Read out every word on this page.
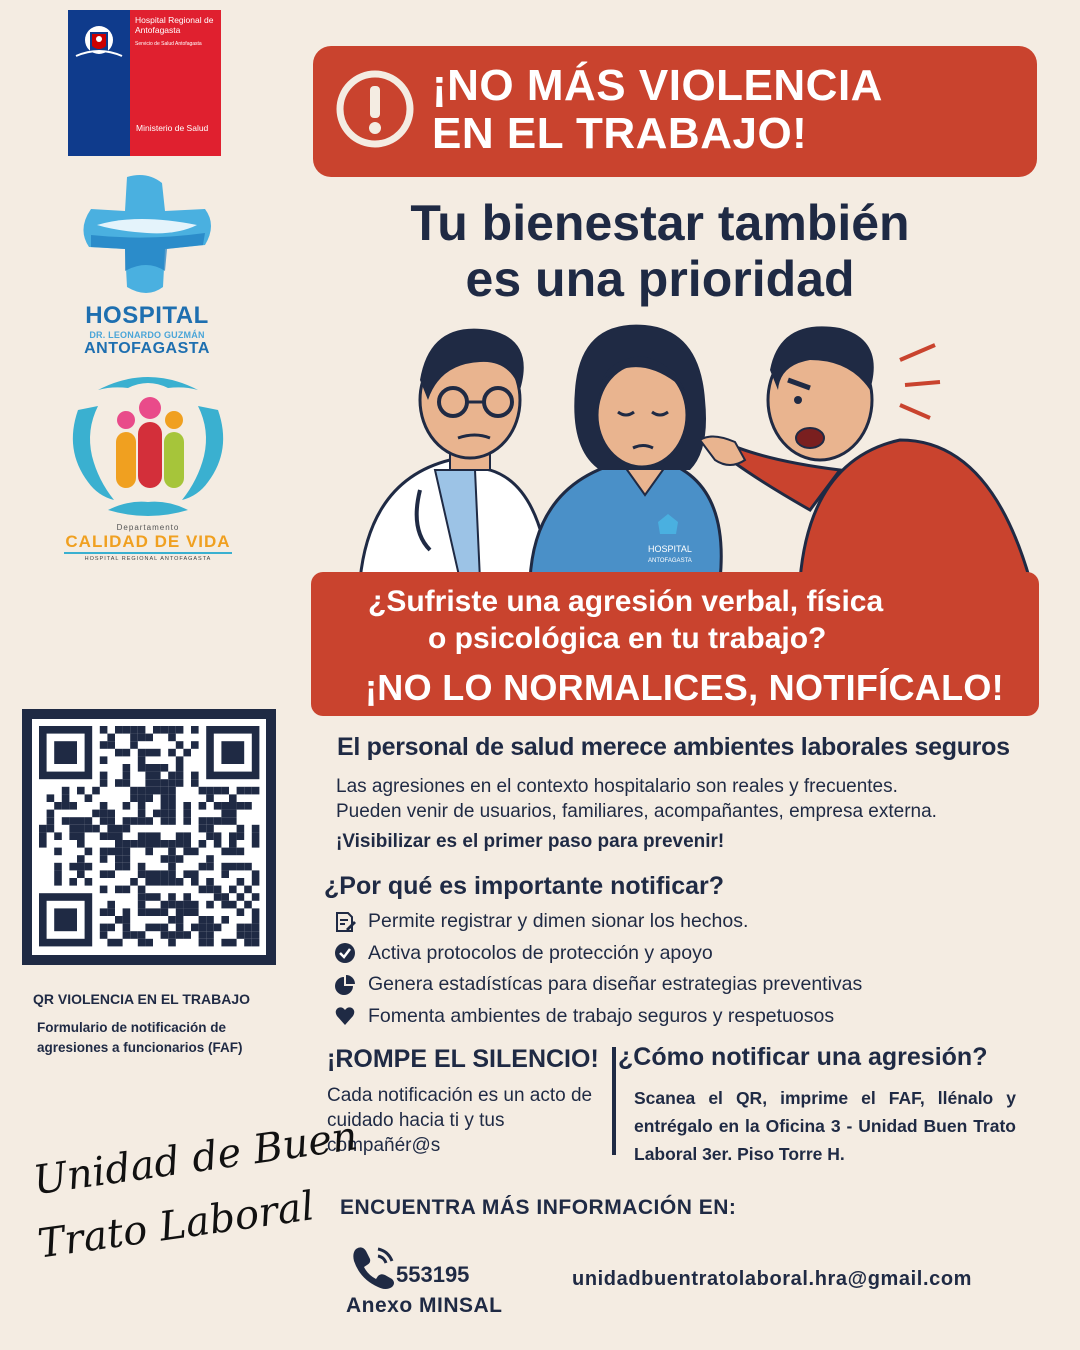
Hospital Regional de Antofagasta
Servicio de Salud Antofagasta
Ministerio de Salud
HOSPITAL
DR. LEONARDO GUZMÁN
ANTOFAGASTA
Departamento
CALIDAD DE VIDA
HOSPITAL REGIONAL ANTOFAGASTA
¡NO MÁS VIOLENCIA
EN EL TRABAJO!
Tu bienestar también
es una prioridad
HOSPITAL
ANTOFAGASTA
¿Sufriste una agresión verbal, física
o psicológica en tu trabajo?
¡NO LO NORMALICES, NOTIFÍCALO!
QR VIOLENCIA EN EL TRABAJO
Formulario de notificación de agresiones a funcionarios (FAF)
El personal de salud merece ambientes laborales seguros
Las agresiones en el contexto hospitalario son reales y frecuentes.
Pueden venir de usuarios, familiares, acompañantes, empresa externa.
¡Visibilizar es el primer paso para prevenir!
¿Por qué es importante notificar?
Permite registrar y dimen sionar los hechos.
Activa protocolos de protección y apoyo
Genera estadístícas para diseñar estrategias preventivas
Fomenta ambientes de trabajo seguros y respetuosos
¡ROMPE EL SILENCIO!
Cada notificación es un acto de cuidado hacia ti y tus compañér@s
¿Cómo notificar una agresión?
Scanea el QR, imprime el FAF, llénalo y entrégalo en la Oficina 3 - Unidad Buen Trato Laboral 3er. Piso Torre H.
Unidad de Buen
Trato Laboral ENCUENTRA MÁS INFORMACIÓN EN:
553195
Anexo MINSAL
unidadbuentratolaboral.hra@gmail.com
